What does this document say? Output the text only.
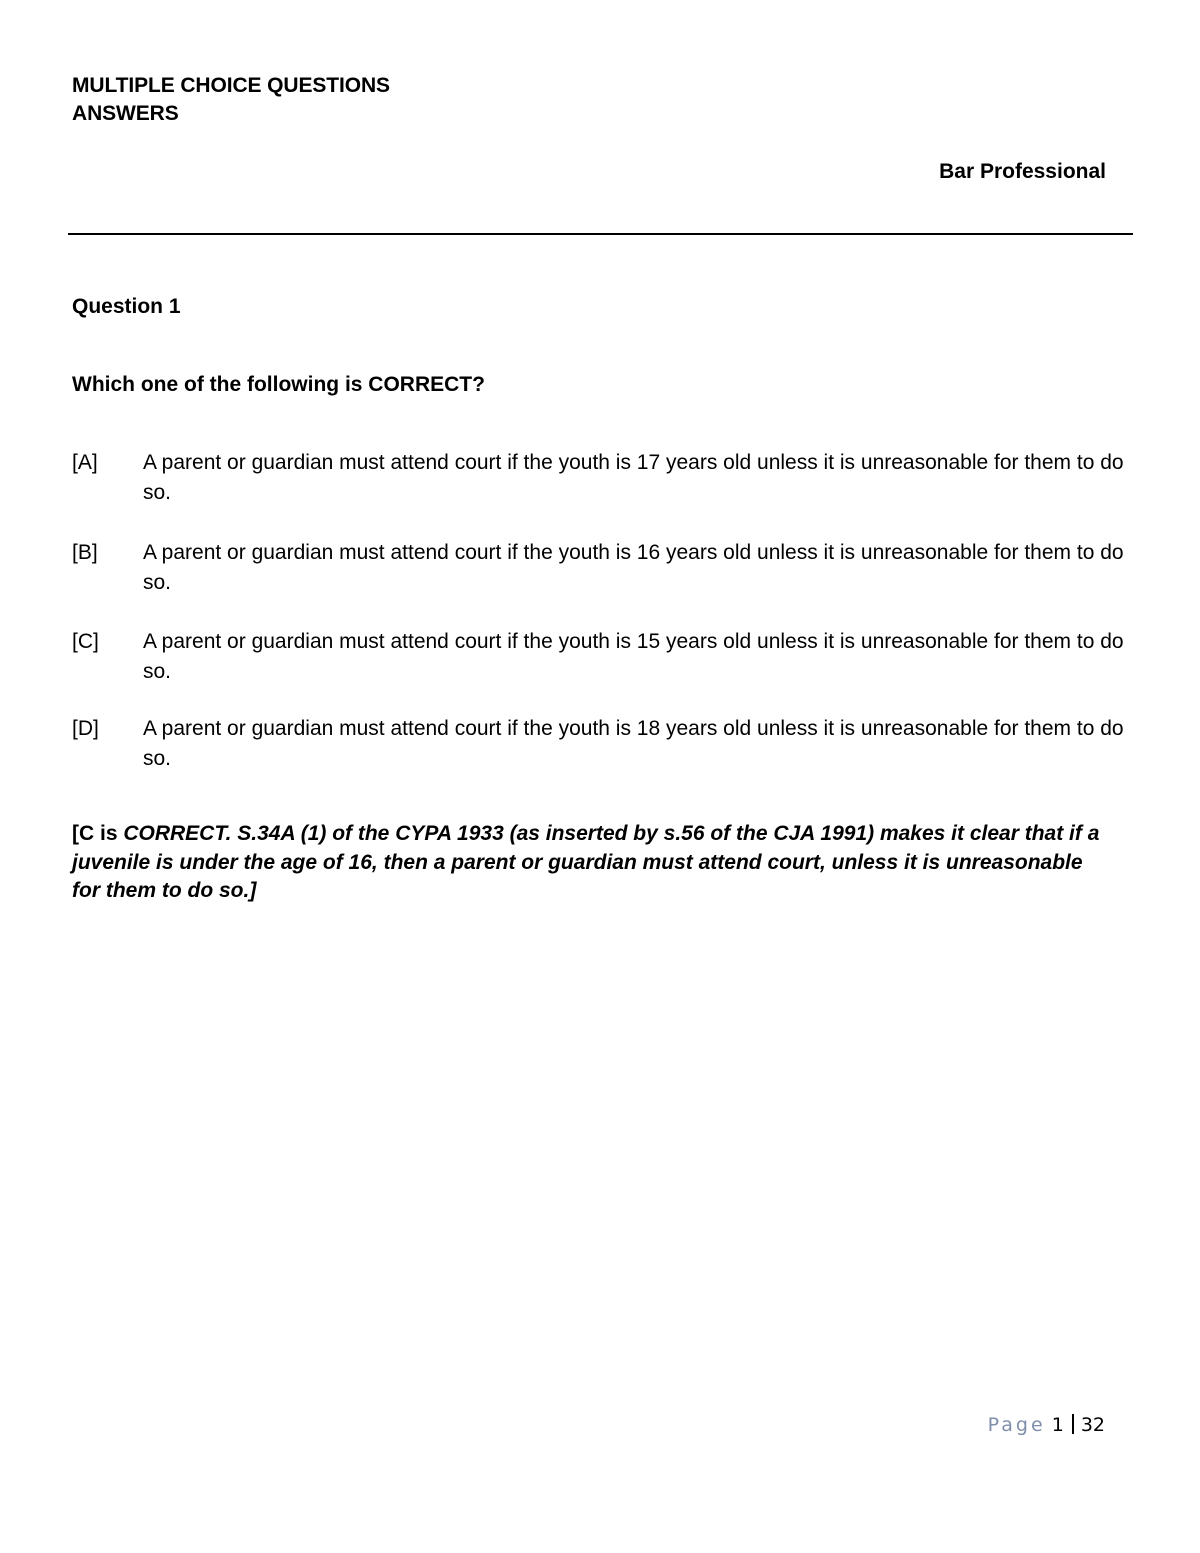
MULTIPLE CHOICE QUESTIONS
ANSWERS
Bar Professional
Question 1
Which one of the following is CORRECT?
[A] A parent or guardian must attend court if the youth is 17 years old unless it is unreasonable for them to do so.
[B] A parent or guardian must attend court if the youth is 16 years old unless it is unreasonable for them to do so.
[C] A parent or guardian must attend court if the youth is 15 years old unless it is unreasonable for them to do so.
[D] A parent or guardian must attend court if the youth is 18 years old unless it is unreasonable for them to do so.
[C is CORRECT. S.34A (1) of the CYPA 1933 (as inserted by s.56 of the CJA 1991) makes it clear that if a juvenile is under the age of 16, then a parent or guardian must attend court, unless it is unreasonable for them to do so.]
Page 1 32
